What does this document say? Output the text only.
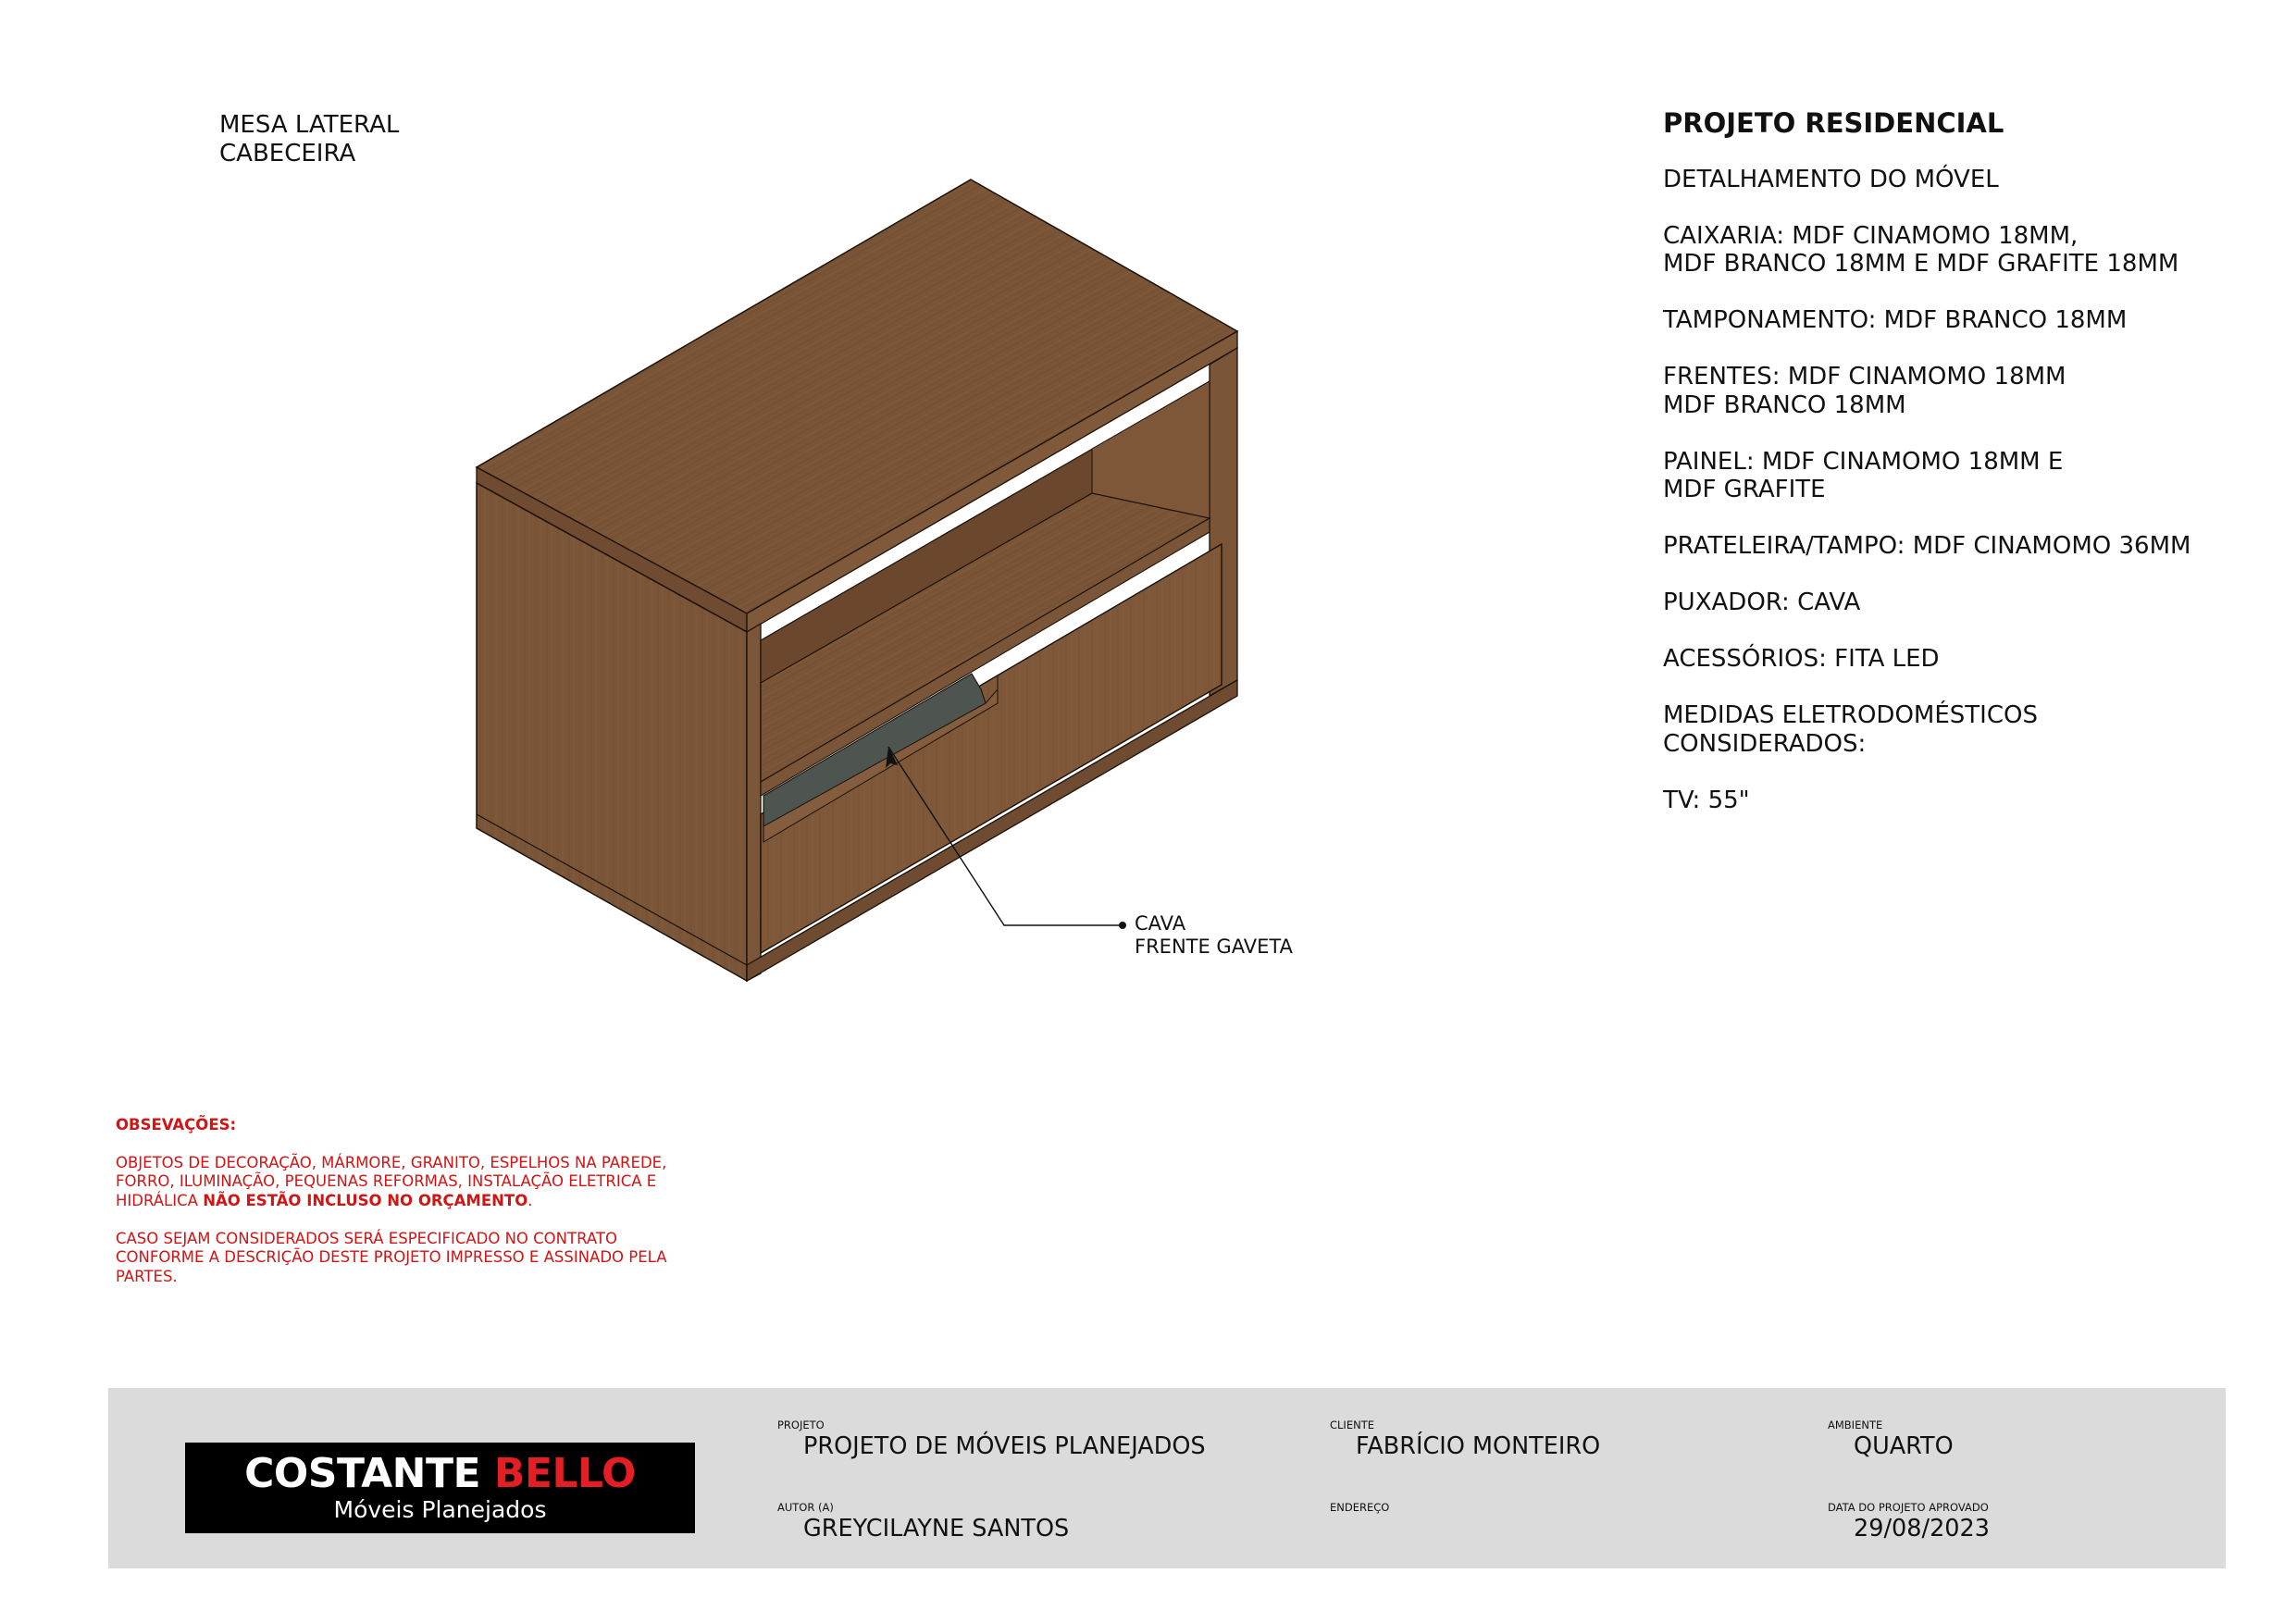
MESA LATERAL
CABECEIRA
CAVA
FRENTE GAVETA
PROJETO RESIDENCIAL
DETALHAMENTO DO MÓVEL
CAIXARIA: MDF CINAMOMO 18MM,
MDF BRANCO 18MM E MDF GRAFITE 18MM
TAMPONAMENTO: MDF BRANCO 18MM
FRENTES: MDF CINAMOMO 18MM
MDF BRANCO 18MM
PAINEL: MDF CINAMOMO 18MM E
MDF GRAFITE
PRATELEIRA/TAMPO: MDF CINAMOMO 36MM
PUXADOR: CAVA
ACESSÓRIOS: FITA LED
MEDIDAS ELETRODOMÉSTICOS
CONSIDERADOS:
TV: 55"
OBSEVAÇÕES:

OBJETOS DE DECORAÇÃO, MÁRMORE, GRANITO, ESPELHOS NA PAREDE, FORRO, ILUMINAÇÃO, PEQUENAS REFORMAS, INSTALAÇÃO ELETRICA E HIDRÁLICA NÃO ESTÃO INCLUSO NO ORÇAMENTO.

CASO SEJAM CONSIDERADOS SERÁ ESPECIFICADO NO CONTRATO CONFORME A DESCRIÇÃO DESTE PROJETO IMPRESSO E ASSINADO PELA PARTES.

COSTANTE BELLO
Móveis Planejados
PROJETO
PROJETO DE MÓVEIS PLANEJADOS
AUTOR (A)
GREYCILAYNE SANTOS
CLIENTE
FABRÍCIO MONTEIRO
ENDEREÇO
AMBIENTE
QUARTO
DATA DO PROJETO APROVADO
29/08/2023
